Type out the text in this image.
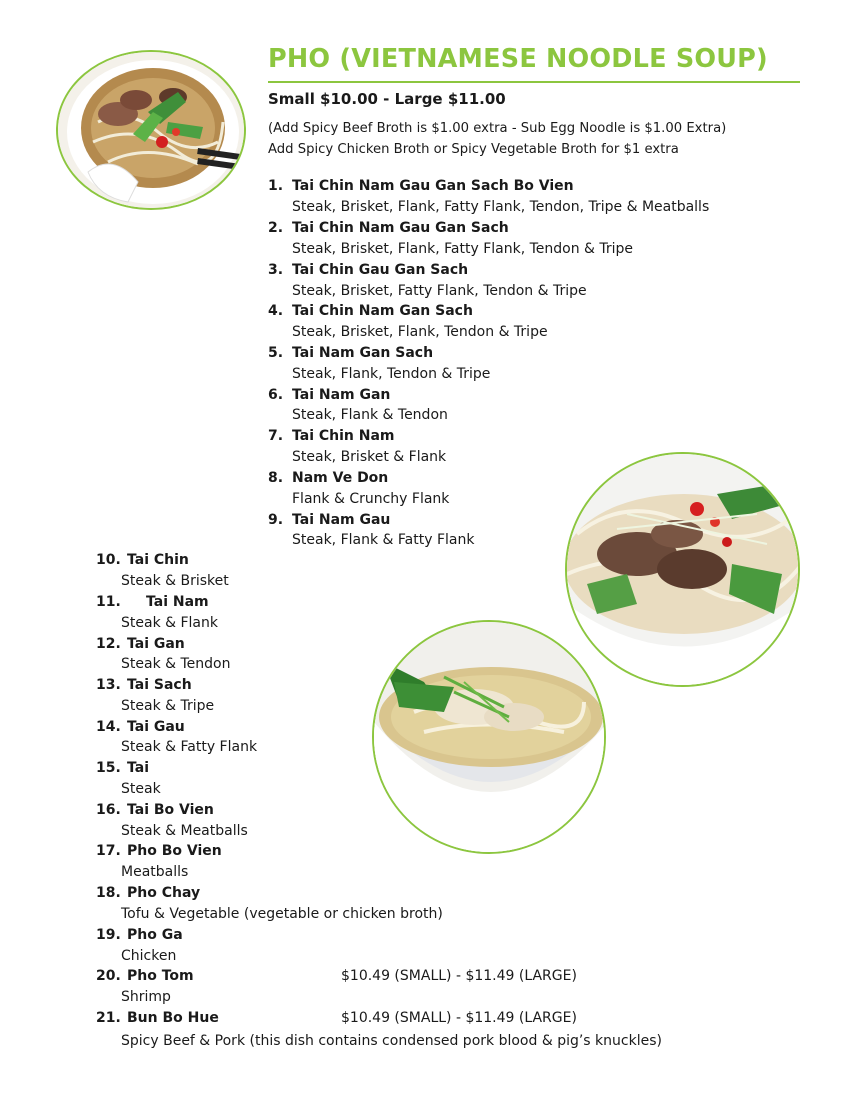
PHO (VIETNAMESE NOODLE SOUP)
Small $10.00 - Large $11.00
(Add Spicy Beef Broth is $1.00 extra - Sub Egg Noodle is $1.00 Extra)
Add Spicy Chicken Broth or Spicy Vegetable Broth for $1 extra
1. Tai Chin Nam Gau Gan Sach Bo Vien
Steak, Brisket, Flank, Fatty Flank, Tendon, Tripe & Meatballs
2. Tai Chin Nam Gau Gan Sach
Steak, Brisket, Flank, Fatty Flank, Tendon & Tripe
3. Tai Chin Gau Gan Sach
Steak, Brisket, Fatty Flank, Tendon & Tripe
4. Tai Chin Nam Gan Sach
Steak, Brisket, Flank, Tendon & Tripe
5. Tai Nam Gan Sach
Steak, Flank, Tendon & Tripe
6. Tai Nam Gan
Steak, Flank & Tendon
7. Tai Chin Nam
Steak, Brisket & Flank
8. Nam Ve Don
Flank & Crunchy Flank
9. Tai Nam Gau
Steak, Flank & Fatty Flank
10. Tai Chin
Steak & Brisket
11. Tai Nam
Steak & Flank
12. Tai Gan
Steak & Tendon
13. Tai Sach
Steak & Tripe
14. Tai Gau
Steak & Fatty Flank
15. Tai
Steak
16. Tai Bo Vien
Steak & Meatballs
17. Pho Bo Vien
Meatballs
18. Pho Chay
Tofu & Vegetable (vegetable or chicken broth)
19. Pho Ga
Chicken
20. Pho Tom	$10.49 (SMALL) - $11.49 (LARGE)
Shrimp
21. Bun Bo Hue	$10.49 (SMALL) - $11.49 (LARGE)
Spicy Beef & Pork (this dish contains condensed pork blood & pig’s knuckles)
